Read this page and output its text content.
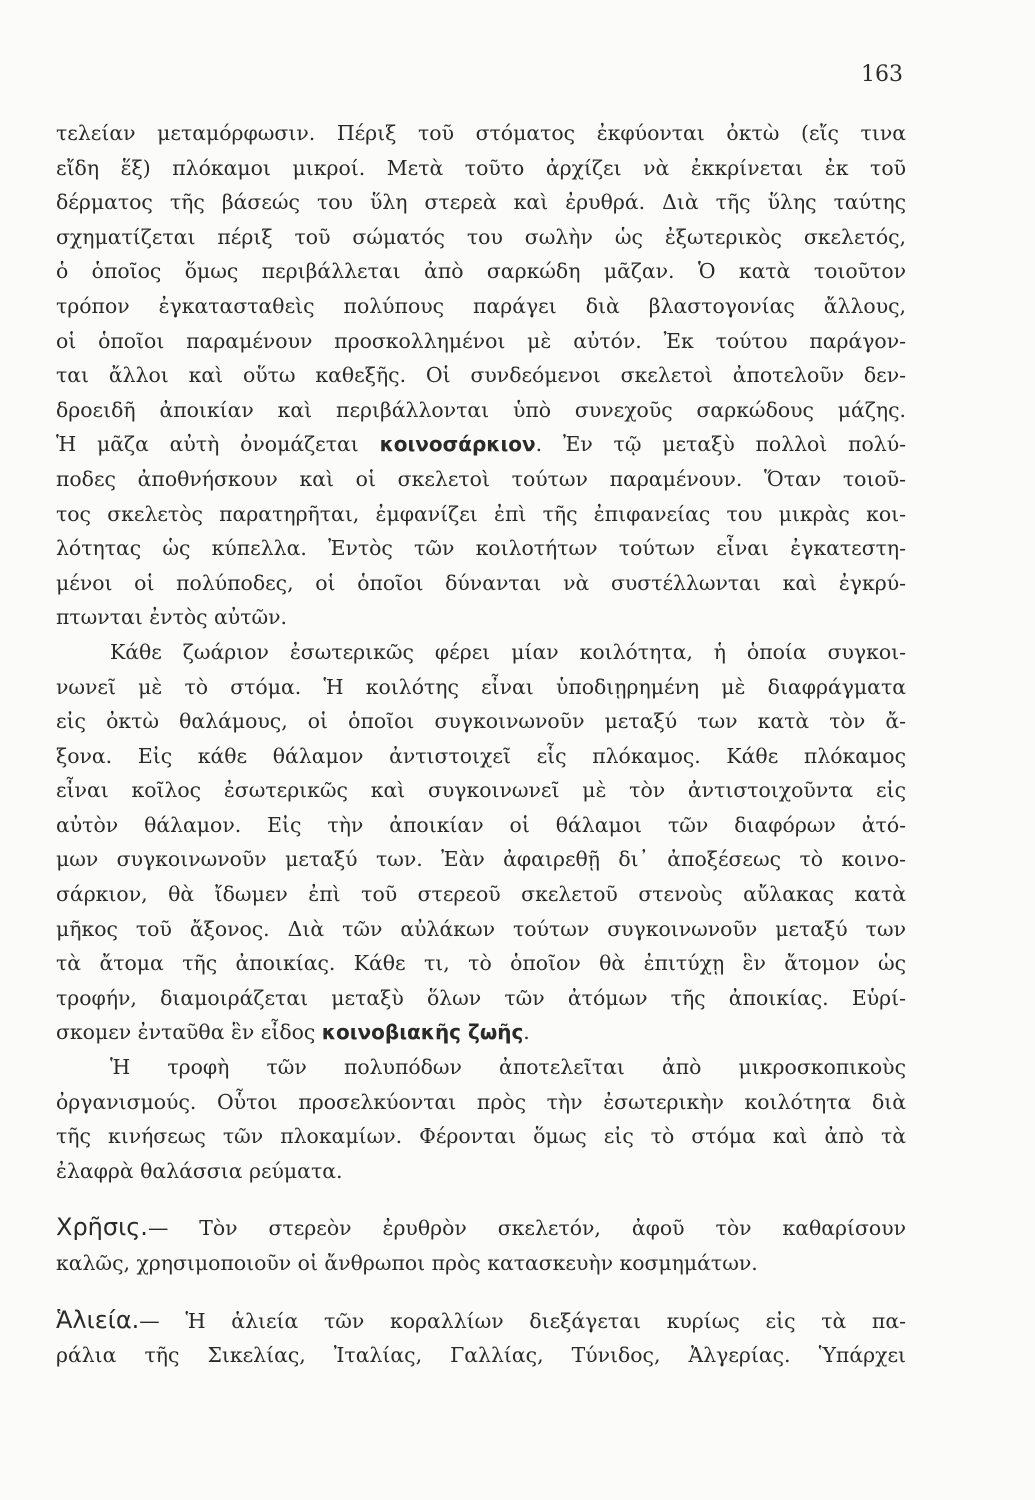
163
τελείαν μεταμόρφωσιν. Πέριξ τοῦ στόματος ἐκφύονται ὀκτὼ (εἴς τινα
εἴδη ἕξ) πλόκαμοι μικροί. Μετὰ τοῦτο ἀρχίζει νὰ ἐκκρίνεται ἐκ τοῦ
δέρματος τῆς βάσεώς του ὕλη στερεὰ καὶ ἐρυθρά. Διὰ τῆς ὕλης ταύτης
σχηματίζεται πέριξ τοῦ σώματός του σωλὴν ὡς ἐξωτερικὸς σκελετός,
ὁ ὁποῖος ὅμως περιβάλλεται ἀπὸ σαρκώδη μᾶζαν. Ὁ κατὰ τοιοῦτον
τρόπον ἐγκατασταθεὶς πολύπους παράγει διὰ βλαστογονίας ἄλλους,
οἱ ὁποῖοι παραμένουν προσκολλημένοι μὲ αὐτόν. Ἐκ τούτου παράγον-
ται ἄλλοι καὶ οὕτω καθεξῆς. Οἱ συνδεόμενοι σκελετοὶ ἀποτελοῦν δεν-
δροειδῆ ἀποικίαν καὶ περιβάλλονται ὑπὸ συνεχοῦς σαρκώδους μάζης.
Ἡ μᾶζα αὐτὴ ὀνομάζεται κοινοσάρκιον. Ἐν τῷ μεταξὺ πολλοὶ πολύ-
ποδες ἀποθνήσκουν καὶ οἱ σκελετοὶ τούτων παραμένουν. Ὅταν τοιοῦ-
τος σκελετὸς παρατηρῆται, ἐμφανίζει ἐπὶ τῆς ἐπιφανείας του μικρὰς κοι-
λότητας ὡς κύπελλα. Ἐντὸς τῶν κοιλοτήτων τούτων εἶναι ἐγκατεστη-
μένοι οἱ πολύποδες, οἱ ὁποῖοι δύνανται νὰ συστέλλωνται καὶ ἐγκρύ-
πτωνται ἐντὸς αὐτῶν.
Κάθε ζωάριον ἐσωτερικῶς φέρει μίαν κοιλότητα, ἡ ὁποία συγκοι-
νωνεῖ μὲ τὸ στόμα. Ἡ κοιλότης εἶναι ὑποδιῃρημένη μὲ διαφράγματα
εἰς ὀκτὼ θαλάμους, οἱ ὁποῖοι συγκοινωνοῦν μεταξύ των κατὰ τὸν ἄ-
ξονα. Εἰς κάθε θάλαμον ἀντιστοιχεῖ εἷς πλόκαμος. Κάθε πλόκαμος
εἶναι κοῖλος ἐσωτερικῶς καὶ συγκοινωνεῖ μὲ τὸν ἀντιστοιχοῦντα εἰς
αὐτὸν θάλαμον. Εἰς τὴν ἀποικίαν οἱ θάλαμοι τῶν διαφόρων ἀτό-
μων συγκοινωνοῦν μεταξύ των. Ἐὰν ἀφαιρεθῇ δι᾽ ἀποξέσεως τὸ κοινο-
σάρκιον, θὰ ἴδωμεν ἐπὶ τοῦ στερεοῦ σκελετοῦ στενοὺς αὔλακας κατὰ
μῆκος τοῦ ἄξονος. Διὰ τῶν αὐλάκων τούτων συγκοινωνοῦν μεταξύ των
τὰ ἄτομα τῆς ἀποικίας. Κάθε τι, τὸ ὁποῖον θὰ ἐπιτύχῃ ἓν ἄτομον ὡς
τροφήν, διαμοιράζεται μεταξὺ ὅλων τῶν ἀτόμων τῆς ἀποικίας. Εὑρί-
σκομεν ἐνταῦθα ἓν εἶδος κοινοβιακῆς ζωῆς.
Ἡ τροφὴ τῶν πολυπόδων ἀποτελεῖται ἀπὸ μικροσκοπικοὺς
ὀργανισμούς. Οὗτοι προσελκύονται πρὸς τὴν ἐσωτερικὴν κοιλότητα διὰ
τῆς κινήσεως τῶν πλοκαμίων. Φέρονται ὅμως εἰς τὸ στόμα καὶ ἀπὸ τὰ
ἐλαφρὰ θαλάσσια ρεύματα.
Χρῆσις.— Τὸν στερεὸν ἐρυθρὸν σκελετόν, ἀφοῦ τὸν καθαρίσουν
καλῶς, χρησιμοποιοῦν οἱ ἄνθρωποι πρὸς κατασκευὴν κοσμημάτων.
Ἁλιεία.— Ἡ ἁλιεία τῶν κοραλλίων διεξάγεται κυρίως εἰς τὰ πα-
ράλια τῆς Σικελίας, Ἰταλίας, Γαλλίας, Τύνιδος, Ἀλγερίας. Ὑπάρχει
